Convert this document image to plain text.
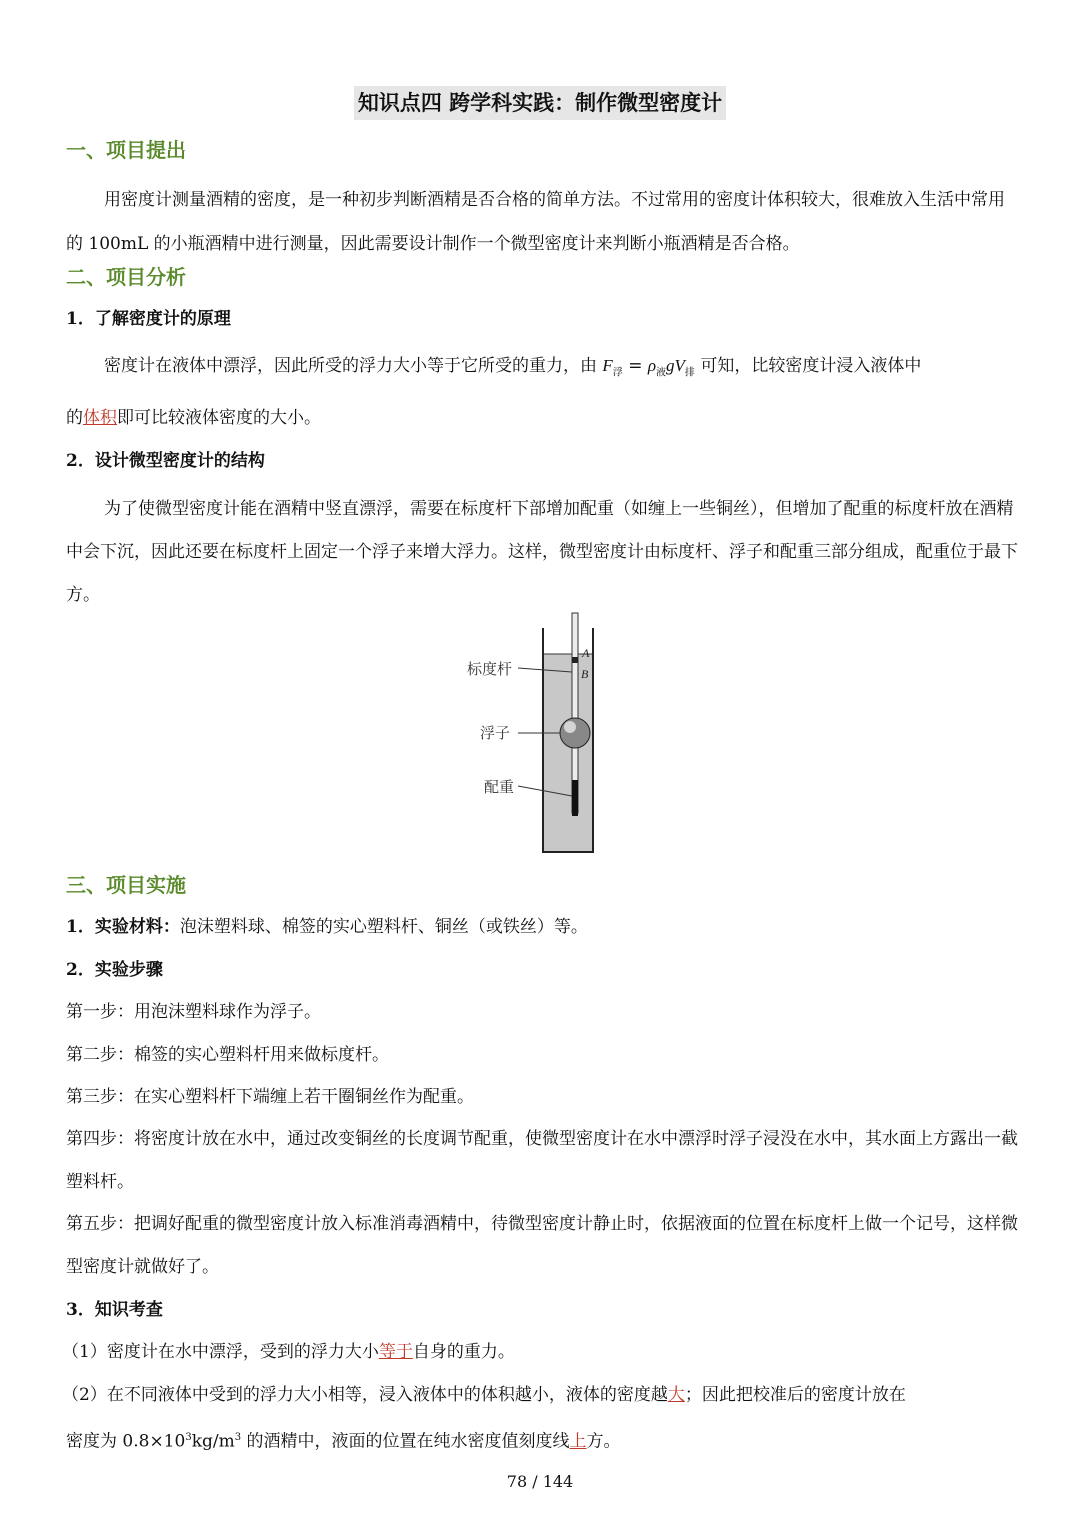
知识点四 跨学科实践：制作微型密度计
一、项目提出
用密度计测量酒精的密度，是一种初步判断酒精是否合格的简单方法。不过常用的密度计体积较大，很难放入生活中常用的 100mL 的小瓶酒精中进行测量，因此需要设计制作一个微型密度计来判断小瓶酒精是否合格。
二、项目分析
1．了解密度计的原理
密度计在液体中漂浮，因此所受的浮力大小等于它所受的重力，由 $F_浮 = \rho_液gV_排$ 可知，比较密度计浸入液体中
的体积即可比较液体密度的大小。
2．设计微型密度计的结构
为了使微型密度计能在酒精中竖直漂浮，需要在标度杆下部增加配重（如缠上一些铜丝），但增加了配重的标度杆放在酒精中会下沉，因此还要在标度杆上固定一个浮子来增大浮力。这样，微型密度计由标度杆、浮子和配重三部分组成，配重位于最下方。
A
B
标度杆
浮子
配重
三、项目实施
1．实验材料：泡沫塑料球、棉签的实心塑料杆、铜丝（或铁丝）等。
2．实验步骤
第一步：用泡沫塑料球作为浮子。
第二步：棉签的实心塑料杆用来做标度杆。
第三步：在实心塑料杆下端缠上若干圈铜丝作为配重。
第四步：将密度计放在水中，通过改变铜丝的长度调节配重，使微型密度计在水中漂浮时浮子浸没在水中，其水面上方露出一截塑料杆。
第五步：把调好配重的微型密度计放入标准消毒酒精中，待微型密度计静止时，依据液面的位置在标度杆上做一个记号，这样微型密度计就做好了。
3．知识考查
（1）密度计在水中漂浮，受到的浮力大小等于自身的重力。
（2）在不同液体中受到的浮力大小相等，浸入液体中的体积越小，液体的密度越大；因此把校准后的密度计放在
密度为 $0.8\times 10^3kg/m^3$ 的酒精中，液面的位置在纯水密度值刻度线上方。
78 / 144
